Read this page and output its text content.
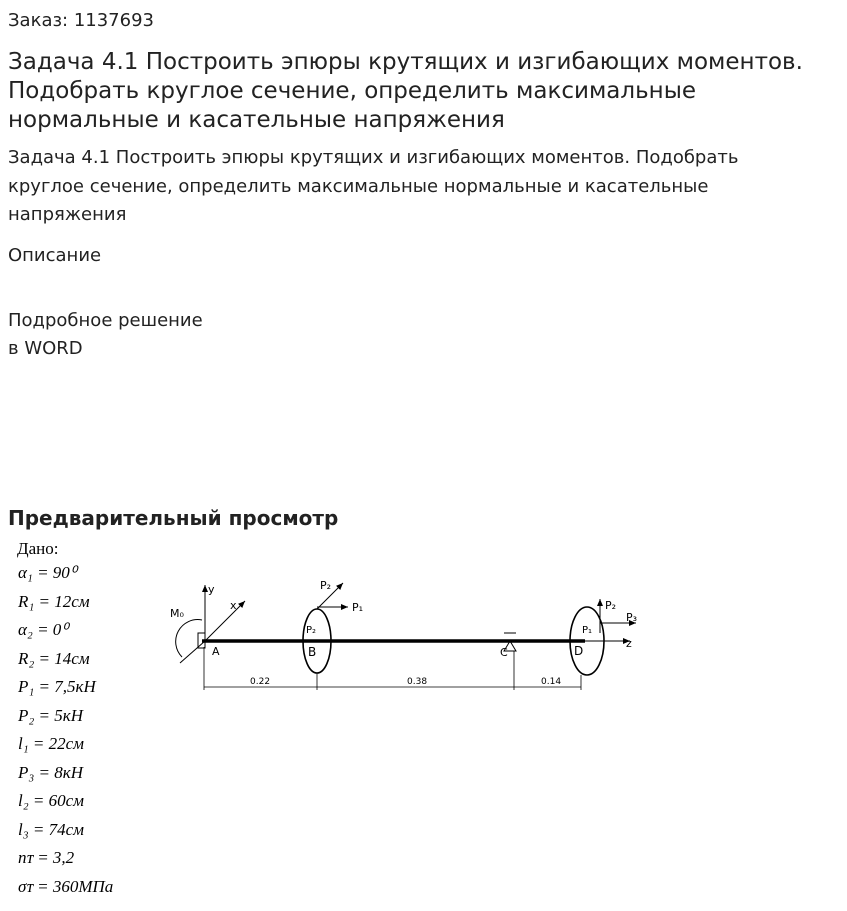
Заказ: 1137693
Задача 4.1 Построить эпюры крутящих и изгибающих моментов. Подобрать круглое сечение, определить максимальные нормальные и касательные напряжения

Задача 4.1 Построить эпюры крутящих и изгибающих моментов. Подобрать круглое сечение, определить максимальные нормальные и касательные напряжения

Описание

Подробное решение
в WORD

Предварительный просмотр
Дано:
α₁ = 90⁰
R₁ = 12см
α₂ = 0⁰
R₂ = 14см
P₁ = 7,5кН
P₂ = 5кН
l₁ = 22см
P₃ = 8кН
l₂ = 60см
l₃ = 74см
nᴛ = 3,2
σᴛ = 360МПа
z
y
x
A
M₀
B
P₂
P₂
P₁
C	D
P₂
P₃
P₁
0.22	0.38	0.14
